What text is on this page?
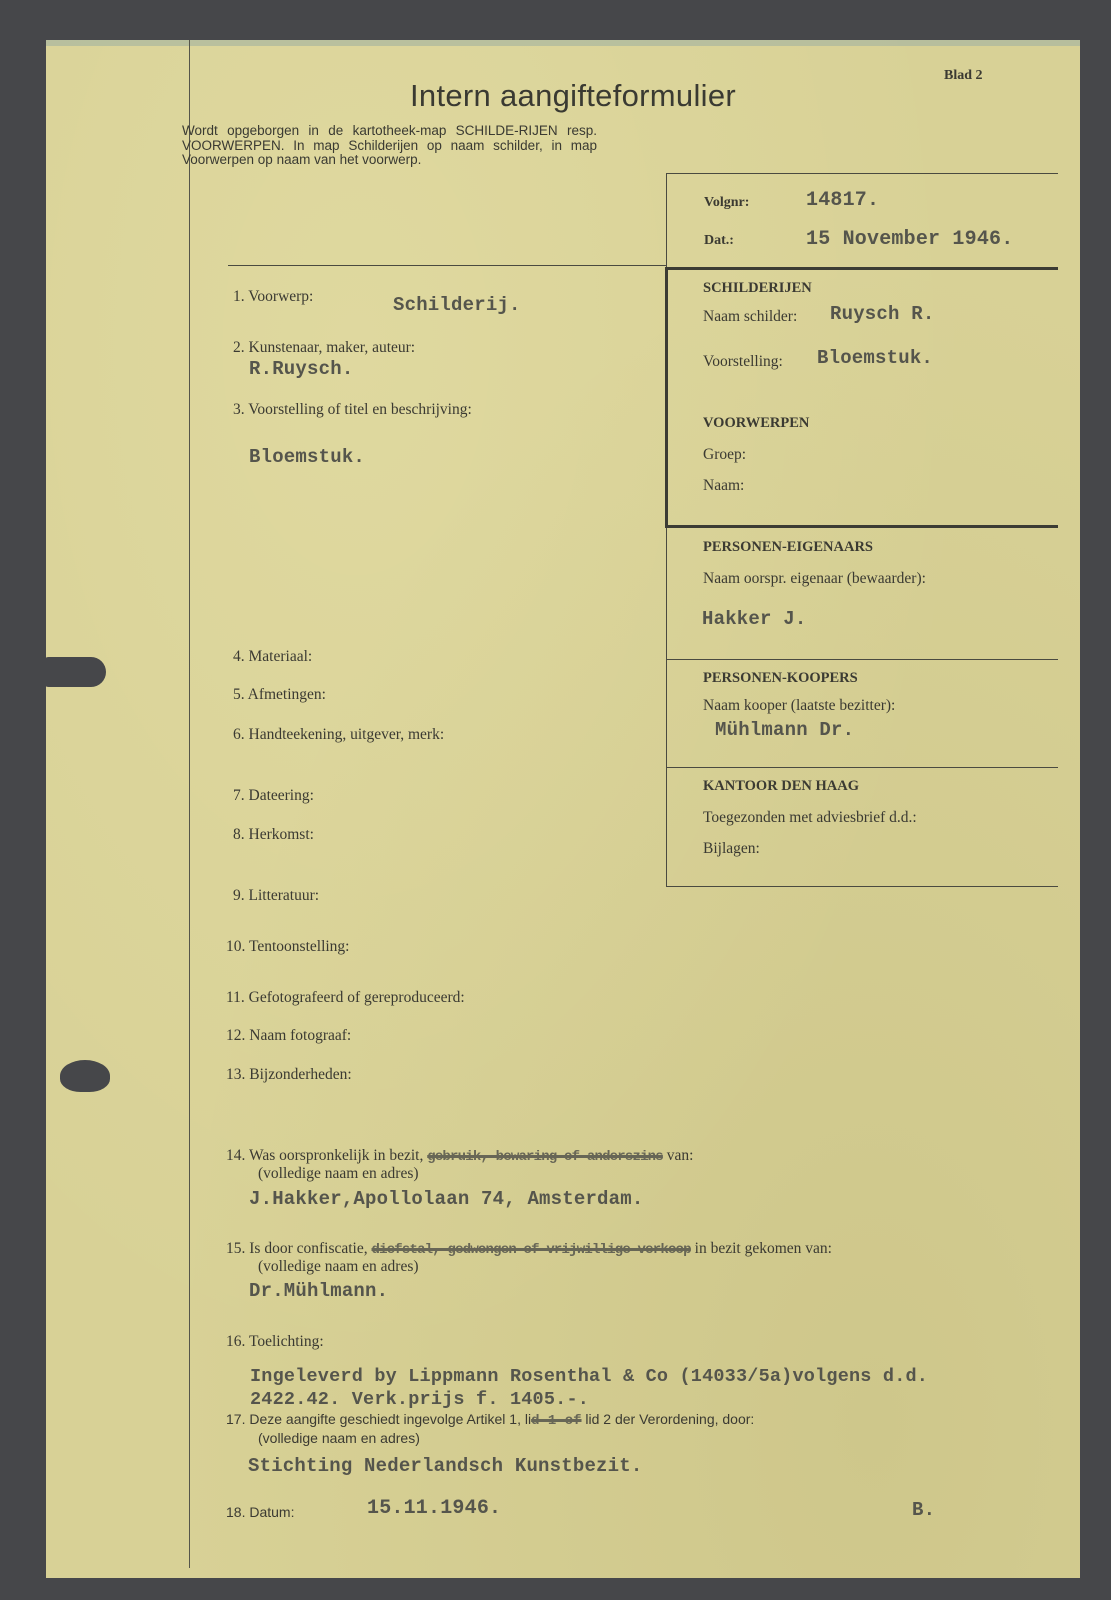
Blad 2
Intern aangifteformulier
Wordt opgeborgen in de kartotheek-map SCHILDE-RIJEN resp. VOORWERPEN. In map Schilderijen op naam schilder, in map Voorwerpen op naam van het voorwerp.
Volgnr:	14817.
Dat.:	15 November 1946.
1. Voorwerp:	Schilderij.
2. Kunstenaar, maker, auteur:
R.Ruysch.
3. Voorstelling of titel en beschrijving:
Bloemstuk.
4. Materiaal:
5. Afmetingen:
6. Handteekening, uitgever, merk:
7. Dateering:
8. Herkomst:
9. Litteratuur:
10. Tentoonstelling:
11. Gefotografeerd of gereproduceerd:
12. Naam fotograaf:
13. Bijzonderheden:
14. Was oorspronkelijk in bezit, gebruik, bewaring of anderszins van:
(volledige naam en adres)
J.Hakker,Apollolaan 74, Amsterdam.
15. Is door confiscatie, diefstal, gedwongen of vrijwillige verkoop in bezit gekomen van:
(volledige naam en adres)
Dr.Mühlmann.
16. Toelichting:
Ingeleverd by Lippmann Rosenthal & Co (14033/5a)volgens d.d.
2422.42. Verk.prijs f. 1405.-.
17. Deze aangifte geschiedt ingevolge Artikel 1, lid 1 of lid 2 der Verordening, door:
(volledige naam en adres)
Stichting Nederlandsch Kunstbezit.
18. Datum:	15.11.1946.	B.
SCHILDERIJEN
Naam schilder: Ruysch R.
Voorstelling: Bloemstuk.
VOORWERPEN
Groep:
Naam:
PERSONEN-EIGENAARS
Naam oorspr. eigenaar (bewaarder):
Hakker J.
PERSONEN-KOOPERS
Naam kooper (laatste bezitter):
Mühlmann Dr.
KANTOOR DEN HAAG
Toegezonden met adviesbrief d.d.:
Bijlagen:
